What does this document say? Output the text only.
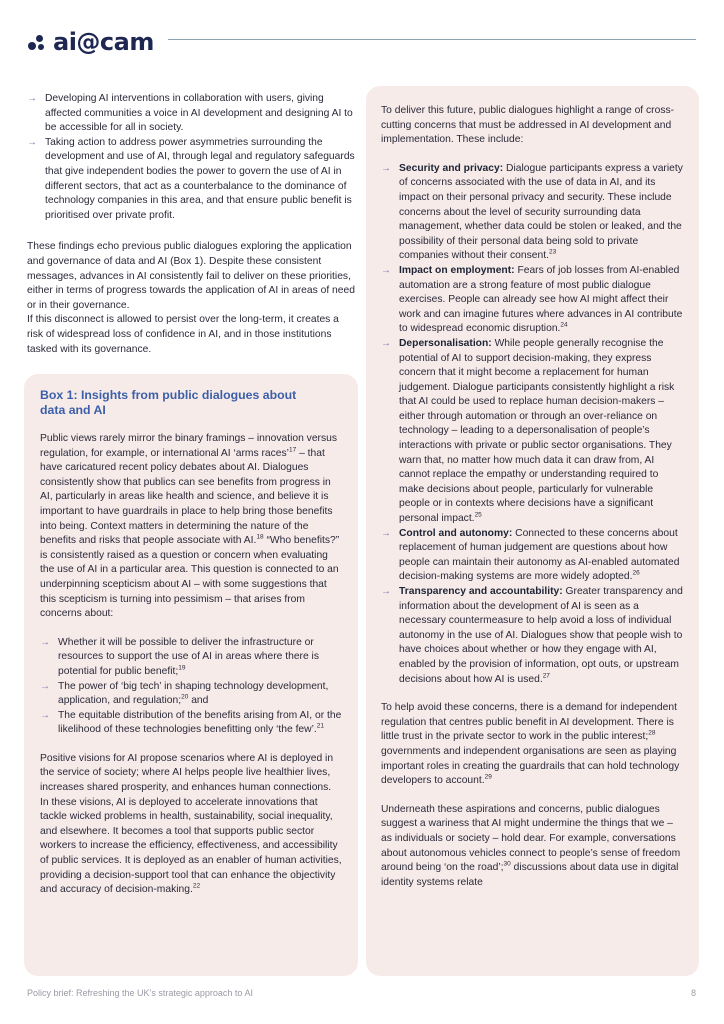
ai@cam
→ Developing AI interventions in collaboration with users, giving affected communities a voice in AI development and designing AI to be accessible for all in society.
→ Taking action to address power asymmetries surrounding the development and use of AI, through legal and regulatory safeguards that give independent bodies the power to govern the use of AI in different sectors, that act as a counterbalance to the dominance of technology companies in this area, and that ensure public benefit is prioritised over private profit.

These findings echo previous public dialogues exploring the application and governance of data and AI (Box 1). Despite these consistent messages, advances in AI consistently fail to deliver on these priorities, either in terms of progress towards the application of AI in areas of need or in their governance.
If this disconnect is allowed to persist over the long-term, it creates a risk of widespread loss of confidence in AI, and in those institutions tasked with its governance.

Box 1: Insights from public dialogues about data and AI

Public views rarely mirror the binary framings – innovation versus regulation, for example, or international AI ‘arms races’$^{17}$ – that have caricatured recent policy debates about AI. Dialogues consistently show that publics can see benefits from progress in AI, particularly in areas like health and science, and believe it is important to have guardrails in place to help bring those benefits into being. Context matters in determining the nature of the benefits and risks that people associate with AI.$^{18}$ “Who benefits?” is consistently raised as a question or concern when evaluating the use of AI in a particular area. This question is connected to an underpinning scepticism about AI – with some suggestions that this scepticism is turning into pessimism – that arises from concerns about:

→ Whether it will be possible to deliver the infrastructure or resources to support the use of AI in areas where there is potential for public benefit;$^{19}$
→ The power of ‘big tech’ in shaping technology development, application, and regulation;$^{20}$ and
→ The equitable distribution of the benefits arising from AI, or the likelihood of these technologies benefitting only ‘the few’.$^{21}$

Positive visions for AI propose scenarios where AI is deployed in the service of society; where AI helps people live healthier lives, increases shared prosperity, and enhances human connections. In these visions, AI is deployed to accelerate innovations that tackle wicked problems in health, sustainability, social inequality, and elsewhere. It becomes a tool that supports public sector workers to increase the efficiency, effectiveness, and accessibility of public services. It is deployed as an enabler of human activities, providing a decision-support tool that can enhance the objectivity and accuracy of decision-making.$^{22}$

To deliver this future, public dialogues highlight a range of cross-cutting concerns that must be addressed in AI development and implementation. These include:

→ Security and privacy: Dialogue participants express a variety of concerns associated with the use of data in AI, and its impact on their personal privacy and security. These include concerns about the level of security surrounding data management, whether data could be stolen or leaked, and the possibility of their personal data being sold to private companies without their consent.$^{23}$
→ Impact on employment: Fears of job losses from AI-enabled automation are a strong feature of most public dialogue exercises. People can already see how AI might affect their work and can imagine futures where advances in AI contribute to widespread economic disruption.$^{24}$
→ Depersonalisation: While people generally recognise the potential of AI to support decision-making, they express concern that it might become a replacement for human judgement. Dialogue participants consistently highlight a risk that AI could be used to replace human decision-makers – either through automation or through an over-reliance on technology – leading to a depersonalisation of people’s interactions with private or public sector organisations. They warn that, no matter how much data it can draw from, AI cannot replace the empathy or understanding required to make decisions about people, particularly for vulnerable people or in contexts where decisions have a significant personal impact.$^{25}$
→ Control and autonomy: Connected to these concerns about replacement of human judgement are questions about how people can maintain their autonomy as AI-enabled automated decision-making systems are more widely adopted.$^{26}$
→ Transparency and accountability: Greater transparency and information about the development of AI is seen as a necessary countermeasure to help avoid a loss of individual autonomy in the use of AI. Dialogues show that people wish to have choices about whether or how they engage with AI, enabled by the provision of information, opt outs, or upstream decisions about how AI is used.$^{27}$

To help avoid these concerns, there is a demand for independent regulation that centres public benefit in AI development. There is little trust in the private sector to work in the public interest;$^{28}$ governments and independent organisations are seen as playing important roles in creating the guardrails that can hold technology developers to account.$^{29}$

Underneath these aspirations and concerns, public dialogues suggest a wariness that AI might undermine the things that we – as individuals or society – hold dear. For example, conversations about autonomous vehicles connect to people’s sense of freedom around being ‘on the road’;$^{30}$ discussions about data use in digital identity systems relate

Policy brief: Refreshing the UK’s strategic approach to AI	8
